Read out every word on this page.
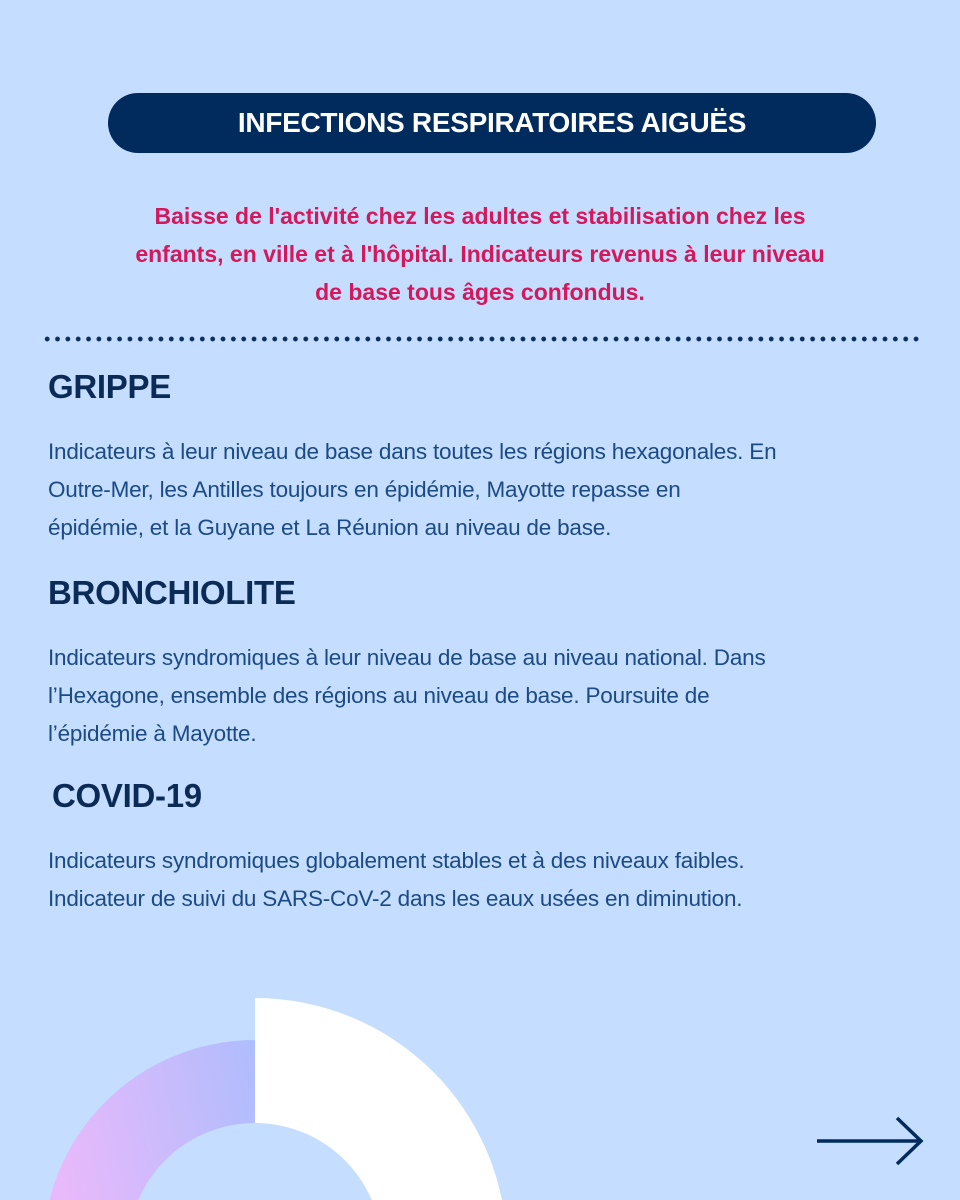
INFECTIONS RESPIRATOIRES AIGUËS
Baisse de l'activité chez les adultes et stabilisation chez les
enfants, en ville et à l'hôpital. Indicateurs revenus à leur niveau
de base tous âges confondus.
GRIPPE
Indicateurs à leur niveau de base dans toutes les régions hexagonales. En
Outre-Mer, les Antilles toujours en épidémie, Mayotte repasse en
épidémie, et la Guyane et La Réunion au niveau de base.
BRONCHIOLITE
Indicateurs syndromiques à leur niveau de base au niveau national. Dans
l’Hexagone, ensemble des régions au niveau de base. Poursuite de
l’épidémie à Mayotte.
COVID-19
Indicateurs syndromiques globalement stables et à des niveaux faibles.
Indicateur de suivi du SARS-CoV-2 dans les eaux usées en diminution.
